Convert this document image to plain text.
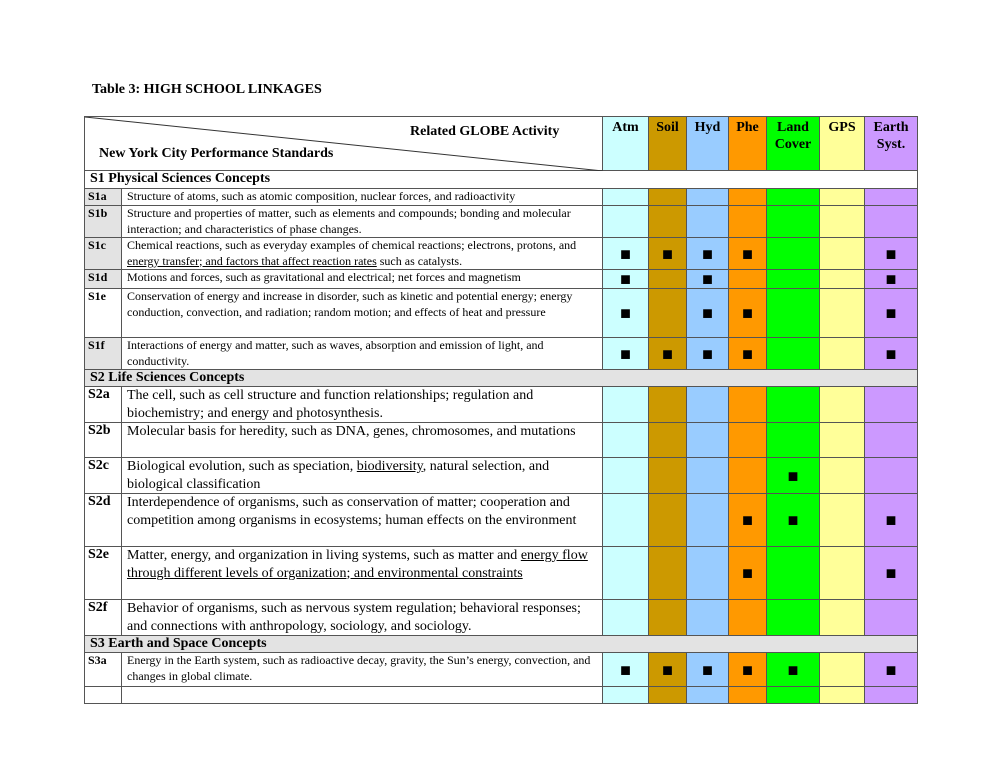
Table 3: HIGH SCHOOL LINKAGES
Related GLOBE Activity
New York City Performance Standards		Atm	Soil	Hyd	Phe	Land Cover	GPS	Earth Syst.
S1 Physical Sciences Concepts								
S1a	Structure of atoms, such as atomic composition, nuclear forces, and radioactivity							
S1b	Structure and properties of matter, such as elements and compounds; bonding and molecular interaction; and characteristics of phase changes.							
S1c	Chemical reactions, such as everyday examples of chemical reactions; electrons, protons, and energy transfer; and factors that affect reaction rates such as catalysts.	■	■	■	■			■
S1d	Motions and forces, such as gravitational and electrical; net forces and magnetism	■		■				■
S1e	Conservation of energy and increase in disorder, such as kinetic and potential energy; energy conduction, convection, and radiation; random motion; and effects of heat and pressure	■		■	■			■
S1f	Interactions of energy and matter, such as waves, absorption and emission of light, and conductivity.	■	■	■	■			■
S2 Life Sciences Concepts								
S2a	The cell, such as cell structure and function relationships; regulation and biochemistry; and energy and photosynthesis.							
S2b	Molecular basis for heredity, such as DNA, genes, chromosomes, and mutations							
S2c	Biological evolution, such as speciation, biodiversity, natural selection, and biological classification					■		
S2d	Interdependence of organisms, such as conservation of matter; cooperation and competition among organisms in ecosystems; human effects on the environment				■	■		■
S2e	Matter, energy, and organization in living systems, such as matter and energy flow through different levels of organization; and environmental constraints				■			■
S2f	Behavior of organisms, such as nervous system regulation; behavioral responses; and connections with anthropology, sociology, and sociology.							
S3 Earth and Space Concepts								
S3a	Energy in the Earth system, such as radioactive decay, gravity, the Sun’s energy, convection, and changes in global climate.	■	■	■	■	■		■
